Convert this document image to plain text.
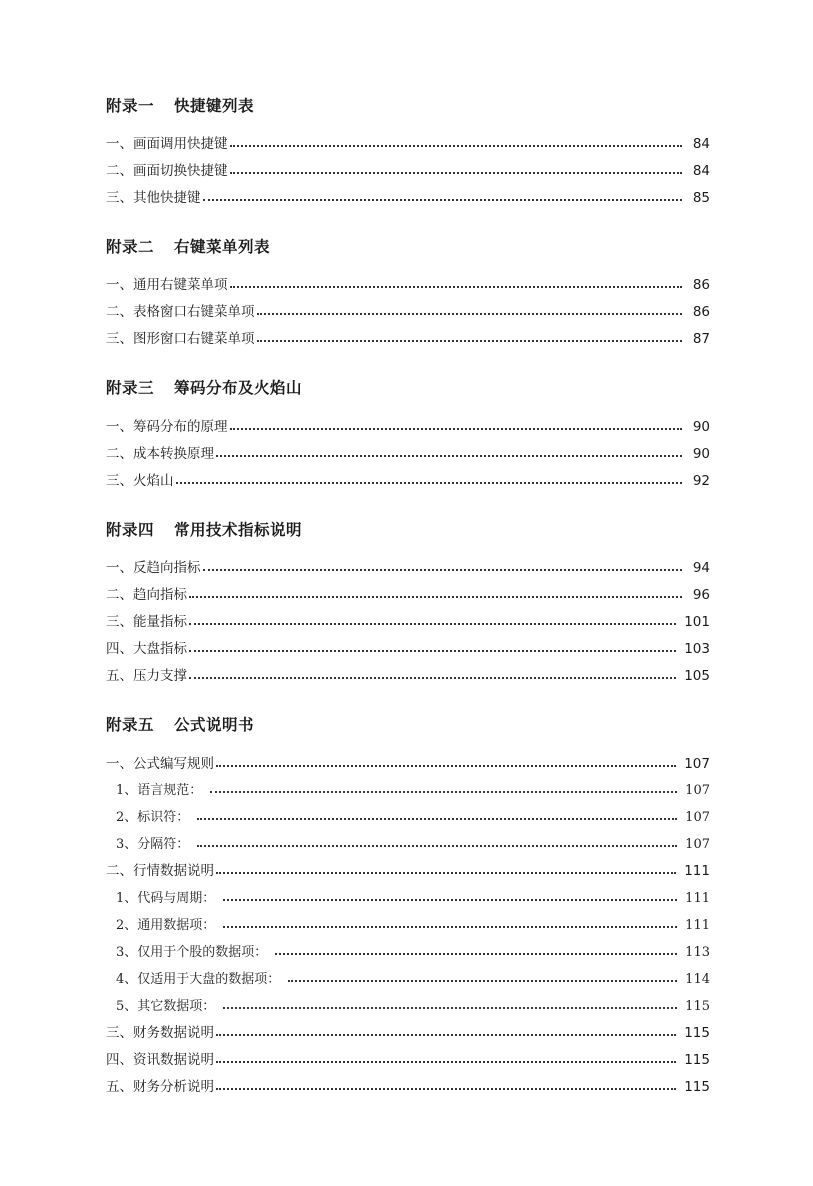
附录一 快捷键列表
一、画面调用快捷键	84
二、画面切换快捷键	84
三、其他快捷键	85
附录二 右键菜单列表
一、通用右键菜单项	86
二、表格窗口右键菜单项	86
三、图形窗口右键菜单项	87
附录三 筹码分布及火焰山
一、筹码分布的原理	90
二、成本转换原理	90
三、火焰山	92
附录四 常用技术指标说明
一、反趋向指标	94
二、趋向指标	96
三、能量指标	101
四、大盘指标	103
五、压力支撑	105
附录五 公式说明书
一、公式编写规则	107
1、语言规范：	107
2、标识符：	107
3、分隔符：	107
二、行情数据说明	111
1、代码与周期：	111
2、通用数据项：	111
3、仅用于个股的数据项：	113
4、仅适用于大盘的数据项：	114
5、其它数据项：	115
三、财务数据说明	115
四、资讯数据说明	115
五、财务分析说明	115
